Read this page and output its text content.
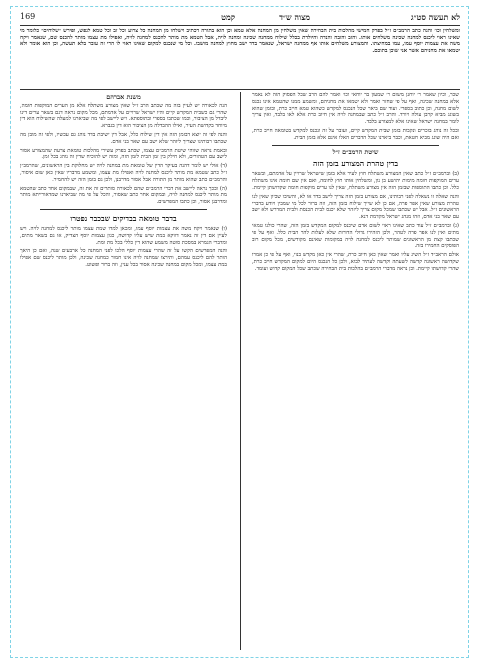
לא תעשה סט״ג
מצוה ש״ד
קמט
169
ומשלחין וכו׳ והנה כתב הרמב״ם ז״ל בפרק חמישי מהלכות בית הבחירה שאין משלחין מן המחנה אלא טמא וכן הוא בתורה דכתיב וישלחו מן המחנה כל צרוע וכל זב וכל טמא לנפש, ופירש ״שלוחים״ כלומר מי שאינו ראוי ליכנס למחנה שכינה משלחים אותו. והזב והזבה והנדה והיולדת בכלל שילוח ממחנה שכינה ומחנה לויה, אבל הטמא מת מותר להכנס למחנה לויה, ואפילו מת עצמו מותר להכנס שם, שנאמר ויקח משה את עצמות יוסף עמו, עמו במחיצתו. והמצורע משלחים אותו אף ממחנה ישראל, שנאמר בדד ישב מחוץ למחנה מושבו. וכל מי שנכנס למקום שאינו ראוי לו הרי זה עובר בלא תעשה, וכן הוא אומר ולא יטמאו את מחניהם אשר אני שוכן בתוכם.

שכר, וכיון שאמר ר׳ יוחנן משום ר׳ שמעון בר יוחאי וכו׳ ואמר להם הרב שכל הפסוק הזה לא נאמר אלא במחנה שכינה, ואף על פי שחזר ואמר ולא יטמאו את מחניהם, ומשמע ממנו שהטמא אינו נכנס לשום מחנה, וכן כתוב בספרי. ועוד שם ביאר שכל הנכנס למקדש כשהוא טמא חייב כרת, ובזמן שהוא בשוגג מביא קרבן עולה ויורד. והרב ז״ל כתב שבמחנה לויה אין חיוב כרת אלא לאו בלבד, ואין צריך לומר במחנה ישראל שאינו אלא למצורע בלבד.

ובכל זה נוהג בזכרים ונקבות בזמן שבית המקדש קיים, ועובר על זה ונכנס למקדש בטומאה חייב כרת, ואם היה שוגג מביא חטאת, וכבר ביארנו שכל הדברים האלו אינם אלא בזמן הבית.

שיטת הרמב״ם ז״ל
בדין טהרת המצורע בזמן הזה

(ב) וברמב״ם ז״ל כתב שאין המצורע משתלח חוץ לעיר אלא בזמן שישראל שרויין על אדמתם, ובשאר ערים המוקפות חומה מימות יהושע בן נון, ומשלחין אותו חוץ לחומה, ואם אין שם חומה אינו משתלח כלל. וכן כתבו התוספות שבזמן הזה אין מצורע משתלח, שאין לנו ערים מוקפות חומה שקדושתן קיימת.

והנה שאלה זו נשאלה לפני רבותינו, אם מצורע בזמן הזה צריך לישב בדד או לא, והשיבו שכיון שאין לנו טהרת מצורע שאין אפר פרה, אם כן לא שייך שילוח בזמן הזה, וזה ברור לכל מי שמבין ויודע בדברי הראשונים ז״ל. אבל יש שכתבו שמכל מקום צריך ליזהר שלא יכנס לבית הכנסת ולבית המדרש ולא ישב עם שאר בני אדם, וזהו מנהג ישראל מקדמת דנא.

(ג) וברמב״ם ז״ל עוד כתב שאינו ראוי לשום אדם שיכנס למקום המקדש בזמן הזה, שהרי כולנו טמאי מתים ואין לנו אפר פרה לטהר, ולכן הזהירו גדולי הדורות שלא לעלות להר הבית כלל. ואף על פי שכתבו קצת מן הראשונים שמותר ליכנס למחנה לויה במקומות שאינם מקודשים, מכל מקום רוב הפוסקים החמירו בזה.

אולם הראב״ד ז״ל השיג עליו ואמר שאין כאן חיוב כרת, שהרי אין כאן מקדש בנוי, ואף על פי כן אמרו שקדושה ראשונה קדשה לשעתה וקדשה לעתיד לבוא, ולכן כל הנכנס היום למקום המקדש חייב כרת, שהרי קדושתו קיימת. וכן נראה מדברי הרמב״ם בהלכות בית הבחירה שכתב שכל המקום קדוש ועומד.

משנת אברהם

הנה לכאורה יש לעיין בזה מה שכתב הרב ז״ל שאין מצורע משתלח אלא מן הערים המוקפות חומה, שהרי גם כשבית המקדש קיים והיו ישראל שרויים על אדמתם, מכל מקום נראה דגם בשאר ערים דינו ליבדל מן הציבור, וכמו שכתבו בספרי ובתוספתא. ויש ליישב לפי מה שביארנו למעלה שהשילוח הוא דין מיוחד בקדושת העיר, ואילו ההבדלה מן הציבור הוא דין בגברא.

והנה לפי זה יוצא דבזמן הזה אין דין שילוח כלל, אבל דין ישיבת בדד נוהג גם עכשיו, ולפי זה מובן מה שכתבו רבותינו שצריך ליזהר שלא ישב עם שאר בני אדם.

ובאמת נראה שזוהי שיטת הרמב״ם עצמו, שכתב בפרק עשירי מהלכות טומאת צרעת שהמצורע אסור לישב עם הטהורים, ולא חילק בין זמן הבית לזמן הזה, ומזה יש להוכיח שדין זה נוהג בכל זמן.

(ד) אולי יש לומר דהנה בעיקר הדין של טומאת מת במחנה לויה יש מחלוקת בין הראשונים, שהרמב״ן ז״ל כתב שטמא מת מותר ליכנס למחנה לויה ואפילו מת עצמו, ומשמע מדבריו שאין כאן שום איסור, והרמב״ם כתב שהוא מותר מן התורה אבל אסור מדרבנן, ולכן גם בזמן הזה יש להחמיר.

(ה) ובכך נראה ליישב את דברי הרמב״ם שהם לכאורה סותרים זה את זה, שבמקום אחד כתב שהטמא מת מותר ליכנס למחנה לויה, ובמקום אחר כתב שאסור, והכל על פי מה שביארנו שמדאורייתא מותר ומדרבנן אסור, וכן כתבו המפרשים.

בדבר טומאה בבדיקים שבכבר נפטרו

(ו) שנאמר ויקח משה את עצמות יוסף עמו, ומכאן למדו שמת עצמו מותר ליכנס למחנה לויה. ויש לעיין אם דין זה נאמר דווקא במת שיש עליו קדושה, כגון עצמות יוסף הצדיק, או גם בשאר מתים, ומדברי הגמרא במסכת סוטה משמע שהוא דין כללי בכל מת ומת.

והנה המפרשים הקשו על זה שהרי עצמות יוסף הלכו לפני המחנה כל ארבעים שנה, ואם כן היאך הותר להם ליכנס עמהם, ותירצו שמחנה לויה אינו חמור כמחנה שכינה, ולכן מותר ליכנס שם אפילו במת עצמו, ומכל מקום במחנה שכינה אסור בכל ענין, וזה ברור ופשוט.
